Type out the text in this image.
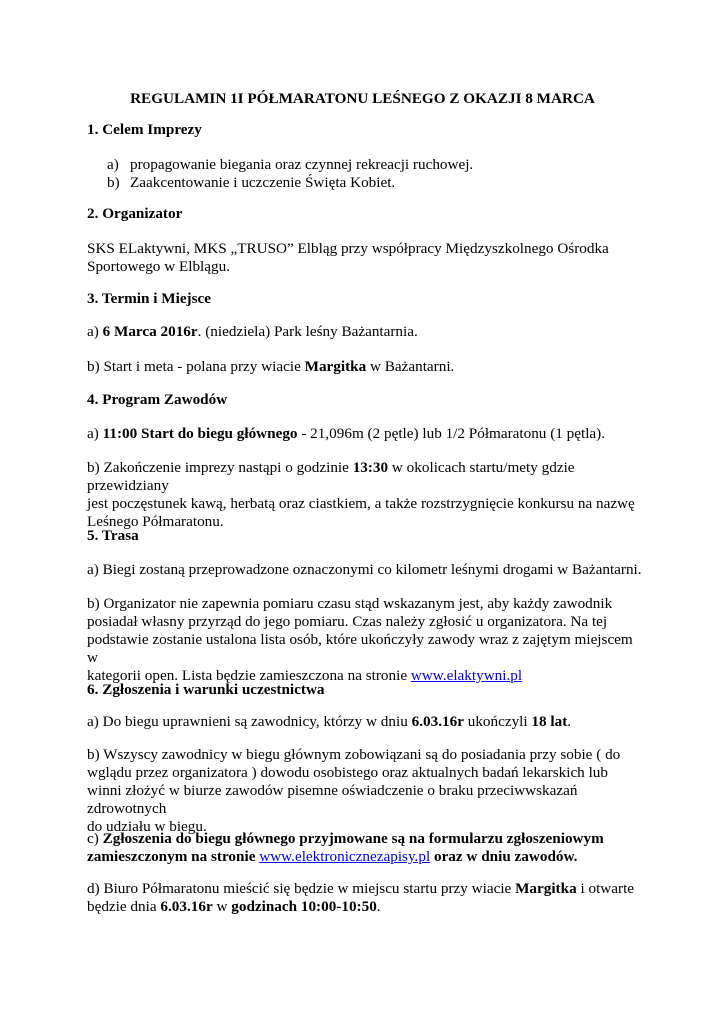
REGULAMIN 1I PÓŁMARATONU LEŚNEGO Z OKAZJI 8 MARCA
1. Celem Imprezy
a) propagowanie biegania oraz czynnej rekreacji ruchowej.
b) Zaakcentowanie i uczczenie Święta Kobiet.
2. Organizator
SKS ELaktywni, MKS „TRUSO” Elbląg przy współpracy Międzyszkolnego Ośrodka
Sportowego w Elblągu.
3. Termin i Miejsce
a) 6 Marca 2016r. (niedziela) Park leśny Bażantarnia.
b) Start i meta - polana przy wiacie Margitka w Bażantarni.
4. Program Zawodów
a) 11:00 Start do biegu głównego - 21,096m (2 pętle) lub 1/2 Półmaratonu (1 pętla).
b) Zakończenie imprezy nastąpi o godzinie 13:30 w okolicach startu/mety gdzie przewidziany
jest poczęstunek kawą, herbatą oraz ciastkiem, a także rozstrzygnięcie konkursu na nazwę
Leśnego Półmaratonu.
5. Trasa
a) Biegi zostaną przeprowadzone oznaczonymi co kilometr leśnymi drogami w Bażantarni.
b) Organizator nie zapewnia pomiaru czasu stąd wskazanym jest, aby każdy zawodnik
posiadał własny przyrząd do jego pomiaru. Czas należy zgłosić u organizatora. Na tej
podstawie zostanie ustalona lista osób, które ukończyły zawody wraz z zajętym miejscem w
kategorii open. Lista będzie zamieszczona na stronie www.elaktywni.pl
6. Zgłoszenia i warunki uczestnictwa
a) Do biegu uprawnieni są zawodnicy, którzy w dniu 6.03.16r ukończyli 18 lat.
b) Wszyscy zawodnicy w biegu głównym zobowiązani są do posiadania przy sobie ( do
wglądu przez organizatora ) dowodu osobistego oraz aktualnych badań lekarskich lub
winni złożyć w biurze zawodów pisemne oświadczenie o braku przeciwwskazań zdrowotnych
do udziału w biegu.
c) Zgłoszenia do biegu głównego przyjmowane są na formularzu zgłoszeniowym
zamieszczonym na stronie www.elektronicznezapisy.pl oraz w dniu zawodów.
d) Biuro Półmaratonu mieścić się będzie w miejscu startu przy wiacie Margitka i otwarte
będzie dnia 6.03.16r w godzinach 10:00-10:50.
